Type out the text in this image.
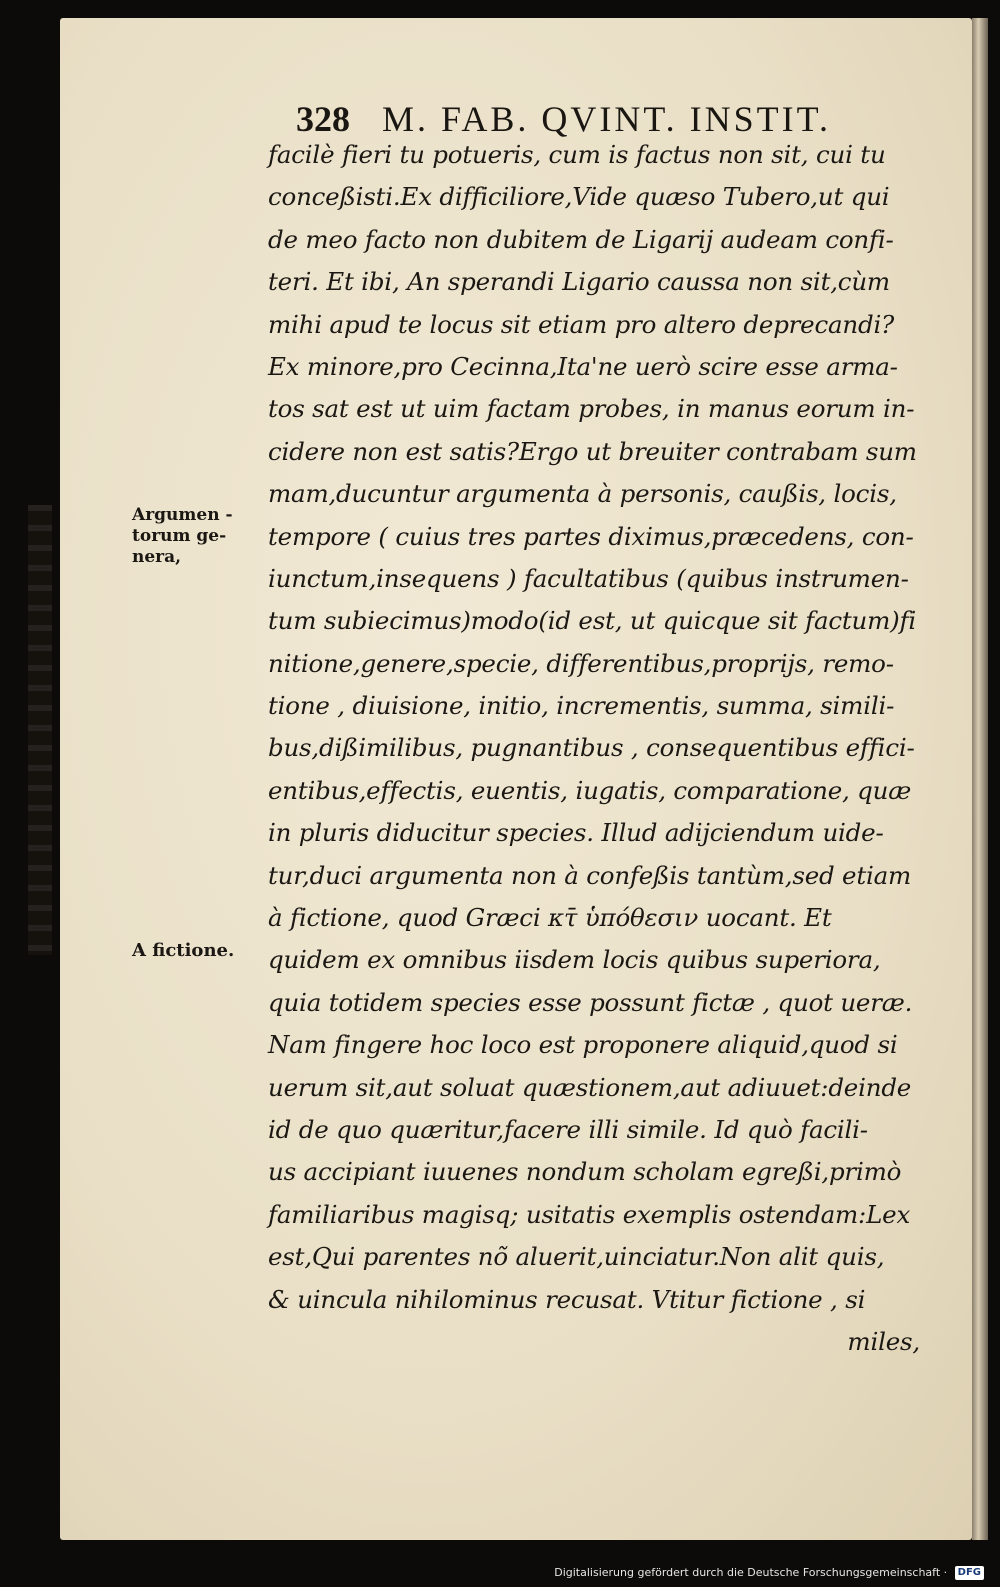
328 M. FAB. QVINT. INSTIT.
Argumen -
torum ge-
nera,
A fictione.
facilè fieri tu potueris, cum is factus non sit, cui tu
conceßisti.Ex difficiliore,Vide quæso Tubero,ut qui
de meo facto non dubitem de Ligarij audeam confi-
teri. Et ibi, An sperandi Ligario caussa non sit,cùm
mihi apud te locus sit etiam pro altero deprecandi?
Ex minore,pro Cecinna,Ita'ne uerò scire esse arma-
tos sat est ut uim factam probes, in manus eorum in-
cidere non est satis?Ergo ut breuiter contrabam sum
mam,ducuntur argumenta à personis, caußis, locis,
tempore ( cuius tres partes diximus,præcedens, con-
iunctum,insequens ) facultatibus (quibus instrumen-
tum subiecimus)modo(id est, ut quicque sit factum)fi
nitione,genere,specie, differentibus,proprijs, remo-
tione , diuisione, initio, incrementis, summa, simili-
bus,dißimilibus, pugnantibus , consequentibus effici-
entibus,effectis, euentis, iugatis, comparatione, quæ
in pluris diducitur species. Illud adijciendum uide-
tur,duci argumenta non à confeßis tantùm,sed etiam
à fictione, quod Græci κτ̄ ὑπόθεσιν uocant. Et
quidem ex omnibus iisdem locis quibus superiora,
quia totidem species esse possunt fictæ , quot ueræ.
Nam fingere hoc loco est proponere aliquid,quod si
uerum sit,aut soluat quæstionem,aut adiuuet:deinde
id de quo quæritur,facere illi simile. Id quò facili-
us accipiant iuuenes nondum scholam egreßi,primò
familiaribus magisq; usitatis exemplis ostendam:Lex
est,Qui parentes nõ aluerit,uinciatur.Non alit quis,
& uincula nihilominus recusat. Vtitur fictione , si
miles,
Digitalisierung gefördert durch die Deutsche Forschungsgemeinschaft · DFG
